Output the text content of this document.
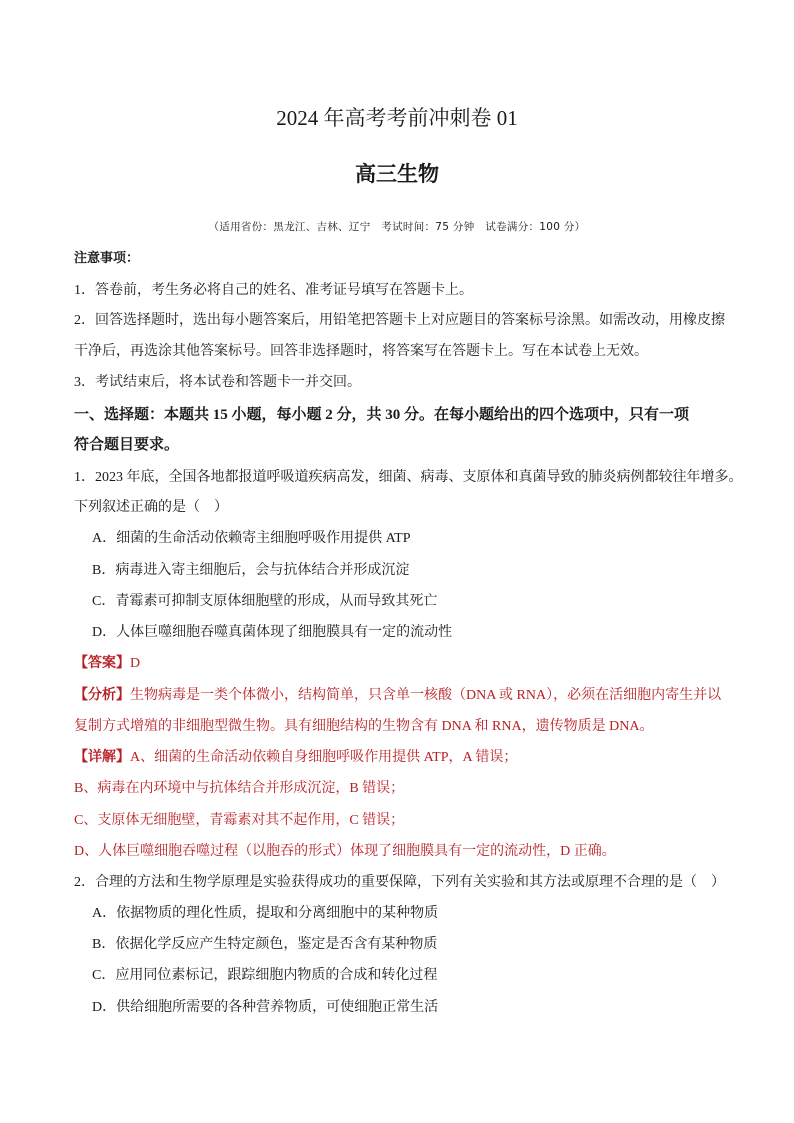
2024 年高考考前冲刺卷 01
高三生物
（适用省份：黑龙江、吉林、辽宁　考试时间：75 分钟　试卷满分：100 分）
注意事项：
1．答卷前，考生务必将自己的姓名、准考证号填写在答题卡上。
2．回答选择题时，选出每小题答案后，用铅笔把答题卡上对应题目的答案标号涂黑。如需改动，用橡皮擦
干净后，再选涂其他答案标号。回答非选择题时，将答案写在答题卡上。写在本试卷上无效。
3．考试结束后，将本试卷和答题卡一并交回。
一、选择题：本题共 15 小题，每小题 2 分，共 30 分。在每小题给出的四个选项中，只有一项
符合题目要求。
1．2023 年底，全国各地都报道呼吸道疾病高发，细菌、病毒、支原体和真菌导致的肺炎病例都较往年增多。
下列叙述正确的是（　）
A．细菌的生命活动依赖寄主细胞呼吸作用提供 ATP
B．病毒进入寄主细胞后，会与抗体结合并形成沉淀
C．青霉素可抑制支原体细胞壁的形成，从而导致其死亡
D．人体巨噬细胞吞噬真菌体现了细胞膜具有一定的流动性
【答案】D
【分析】生物病毒是一类个体微小，结构简单，只含单一核酸（DNA 或 RNA），必须在活细胞内寄生并以
复制方式增殖的非细胞型微生物。具有细胞结构的生物含有 DNA 和 RNA，遗传物质是 DNA。
【详解】A、细菌的生命活动依赖自身细胞呼吸作用提供 ATP，A 错误；
B、病毒在内环境中与抗体结合并形成沉淀，B 错误；
C、支原体无细胞壁，青霉素对其不起作用，C 错误；
D、人体巨噬细胞吞噬过程（以胞吞的形式）体现了细胞膜具有一定的流动性，D 正确。
2．合理的方法和生物学原理是实验获得成功的重要保障，下列有关实验和其方法或原理不合理的是（　）
A．依据物质的理化性质，提取和分离细胞中的某种物质
B．依据化学反应产生特定颜色，鉴定是否含有某种物质
C．应用同位素标记，跟踪细胞内物质的合成和转化过程
D．供给细胞所需要的各种营养物质，可使细胞正常生活
